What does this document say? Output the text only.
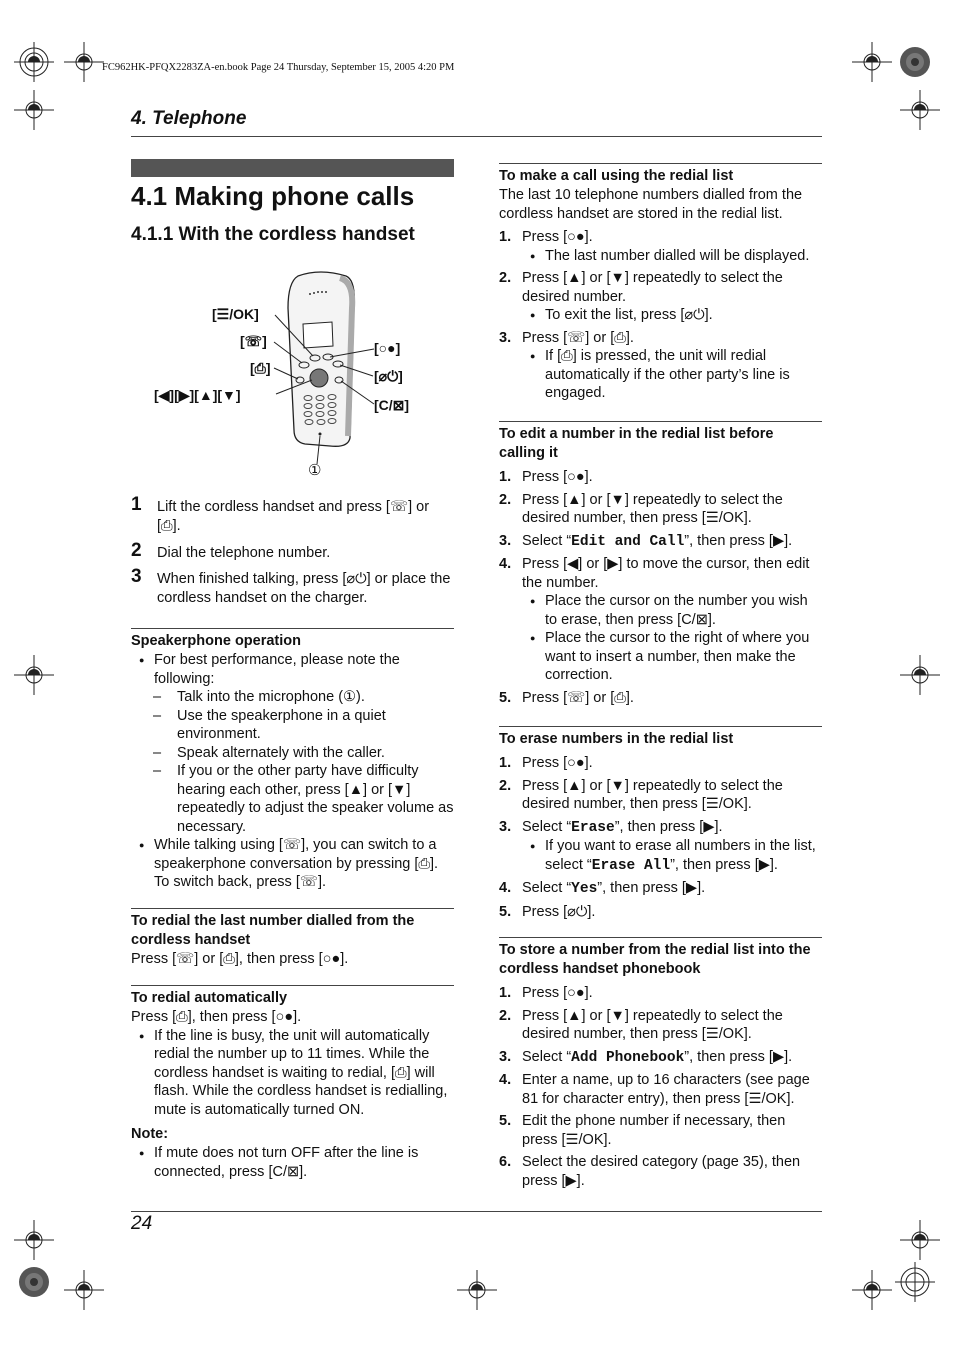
FC962HK-PFQX2283ZA-en.book Page 24 Thursday, September 15, 2005 4:20 PM
4. Telephone
4.1 Making phone calls
4.1.1 With the cordless handset
[☰/OK]
[☏]
[⎙]
[◀][▶][▲][▼]
[○●]
[⌀⏻]
[C/⊠]
①
1 Lift the cordless handset and press [☏] or [⎙].
2 Dial the telephone number.
3 When finished talking, press [⌀⏻] or place the cordless handset on the charger.
Speakerphone operation
● For best performance, please note the following:
– Talk into the microphone (①).
– Use the speakerphone in a quiet environment.
– Speak alternately with the caller.
– If you or the other party have difficulty hearing each other, press [▲] or [▼] repeatedly to adjust the speaker volume as necessary.
● While talking using [☏], you can switch to a speakerphone conversation by pressing [⎙]. To switch back, press [☏].
To redial the last number dialled from the cordless handset
Press [☏] or [⎙], then press [○●].
To redial automatically
Press [⎙], then press [○●].
● If the line is busy, the unit will automatically redial the number up to 11 times. While the cordless handset is waiting to redial, [⎙] will flash. While the cordless handset is redialling, mute is automatically turned ON.
Note:
● If mute does not turn OFF after the line is connected, press [C/⊠].
To make a call using the redial list
The last 10 telephone numbers dialled from the cordless handset are stored in the redial list.
1. Press [○●].
● The last number dialled will be displayed.
2. Press [▲] or [▼] repeatedly to select the desired number.
● To exit the list, press [⌀⏻].
3. Press [☏] or [⎙].
● If [⎙] is pressed, the unit will redial automatically if the other party’s line is engaged.
To edit a number in the redial list before calling it
1. Press [○●].
2. Press [▲] or [▼] repeatedly to select the desired number, then press [☰/OK].
3. Select “Edit and Call”, then press [▶].
4. Press [◀] or [▶] to move the cursor, then edit the number.
● Place the cursor on the number you wish to erase, then press [C/⊠].
● Place the cursor to the right of where you want to insert a number, then make the correction.
5. Press [☏] or [⎙].
To erase numbers in the redial list
1. Press [○●].
2. Press [▲] or [▼] repeatedly to select the desired number, then press [☰/OK].
3. Select “Erase”, then press [▶].
● If you want to erase all numbers in the list, select “Erase All”, then press [▶].
4. Select “Yes”, then press [▶].
5. Press [⌀⏻].
To store a number from the redial list into the cordless handset phonebook
1. Press [○●].
2. Press [▲] or [▼] repeatedly to select the desired number, then press [☰/OK].
3. Select “Add Phonebook”, then press [▶].
4. Enter a name, up to 16 characters (see page 81 for character entry), then press [☰/OK].
5. Edit the phone number if necessary, then press [☰/OK].
6. Select the desired category (page 35), then press [▶].
24
